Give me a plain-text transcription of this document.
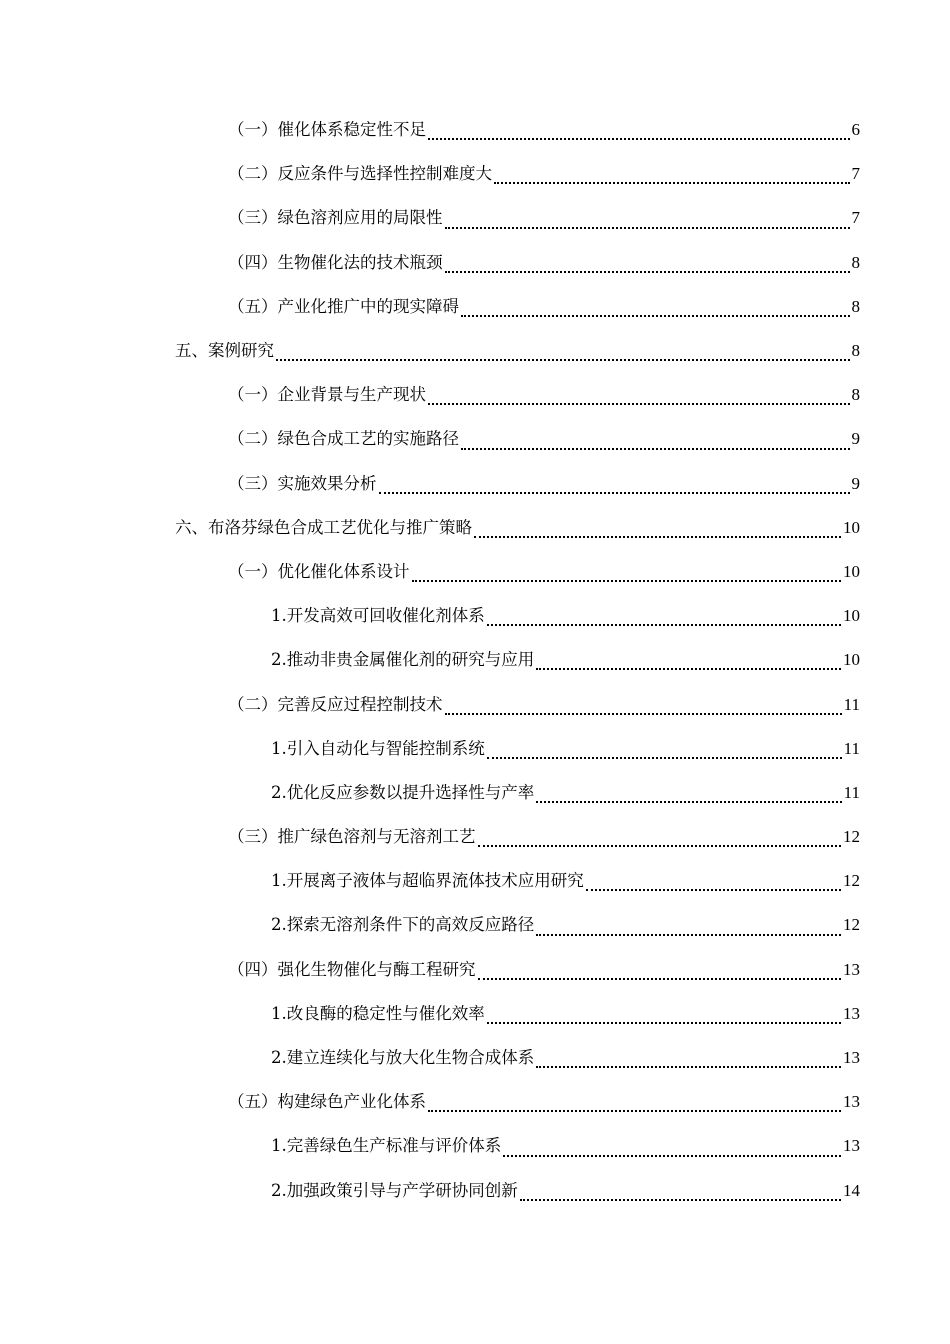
（一）催化体系稳定性不足	6
（二）反应条件与选择性控制难度大	7
（三）绿色溶剂应用的局限性	7
（四）生物催化法的技术瓶颈	8
（五）产业化推广中的现实障碍	8
五、案例研究	8
（一）企业背景与生产现状	8
（二）绿色合成工艺的实施路径	9
（三）实施效果分析	9
六、布洛芬绿色合成工艺优化与推广策略	10
（一）优化催化体系设计	10
1.开发高效可回收催化剂体系	10
2.推动非贵金属催化剂的研究与应用	10
（二）完善反应过程控制技术	11
1.引入自动化与智能控制系统	11
2.优化反应参数以提升选择性与产率	11
（三）推广绿色溶剂与无溶剂工艺	12
1.开展离子液体与超临界流体技术应用研究	12
2.探索无溶剂条件下的高效反应路径	12
（四）强化生物催化与酶工程研究	13
1.改良酶的稳定性与催化效率	13
2.建立连续化与放大化生物合成体系	13
（五）构建绿色产业化体系	13
1.完善绿色生产标准与评价体系	13
2.加强政策引导与产学研协同创新	14
